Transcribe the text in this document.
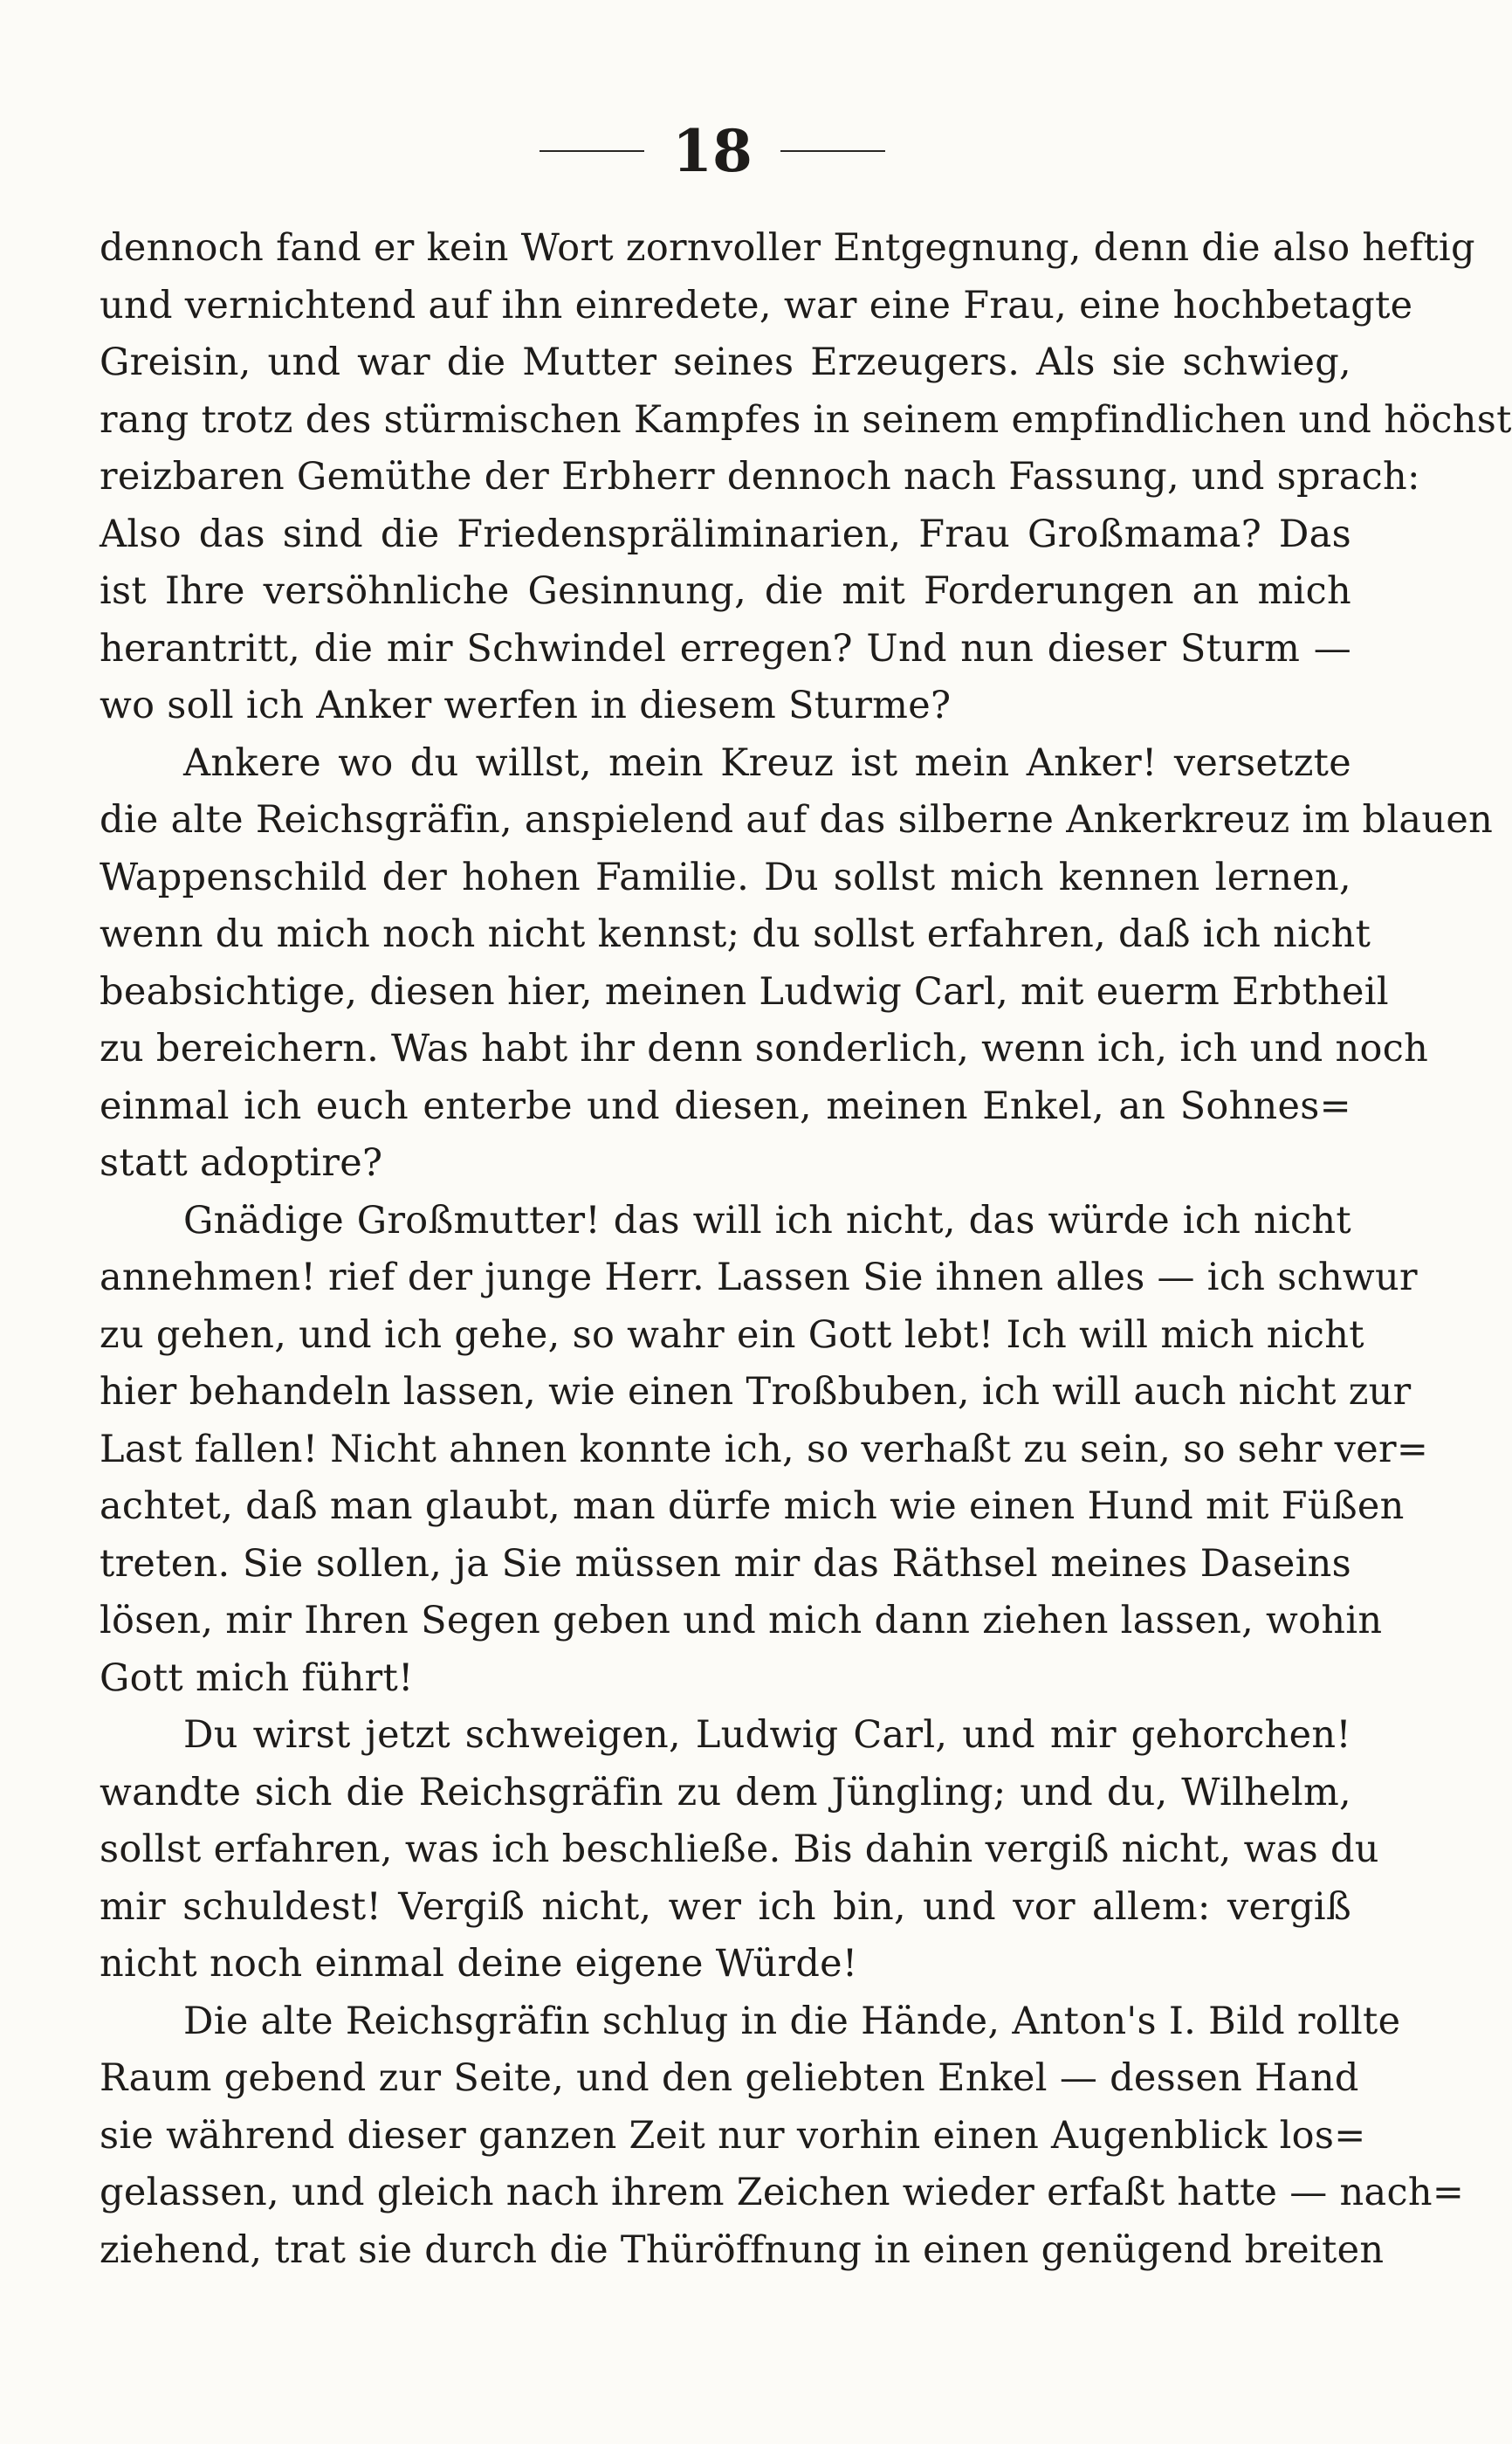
18
dennoch fand er kein Wort zornvoller Entgegnung, denn die also heftig
und vernichtend auf ihn einredete, war eine Frau, eine hochbetagte
Greisin, und war die Mutter seines Erzeugers. Als sie schwieg,
rang trotz des stürmischen Kampfes in seinem empfindlichen und höchst
reizbaren Gemüthe der Erbherr dennoch nach Fassung, und sprach:
Also das sind die Friedenspräliminarien, Frau Großmama? Das
ist Ihre versöhnliche Gesinnung, die mit Forderungen an mich
herantritt, die mir Schwindel erregen? Und nun dieser Sturm —
wo soll ich Anker werfen in diesem Sturme?
Ankere wo du willst, mein Kreuz ist mein Anker! versetzte
die alte Reichsgräfin, anspielend auf das silberne Ankerkreuz im blauen
Wappenschild der hohen Familie. Du sollst mich kennen lernen,
wenn du mich noch nicht kennst; du sollst erfahren, daß ich nicht
beabsichtige, diesen hier, meinen Ludwig Carl, mit euerm Erbtheil
zu bereichern. Was habt ihr denn sonderlich, wenn ich, ich und noch
einmal ich euch enterbe und diesen, meinen Enkel, an Sohnes=
statt adoptire?
Gnädige Großmutter! das will ich nicht, das würde ich nicht
annehmen! rief der junge Herr. Lassen Sie ihnen alles — ich schwur
zu gehen, und ich gehe, so wahr ein Gott lebt! Ich will mich nicht
hier behandeln lassen, wie einen Troßbuben, ich will auch nicht zur
Last fallen! Nicht ahnen konnte ich, so verhaßt zu sein, so sehr ver=
achtet, daß man glaubt, man dürfe mich wie einen Hund mit Füßen
treten. Sie sollen, ja Sie müssen mir das Räthsel meines Daseins
lösen, mir Ihren Segen geben und mich dann ziehen lassen, wohin
Gott mich führt!
Du wirst jetzt schweigen, Ludwig Carl, und mir gehorchen!
wandte sich die Reichsgräfin zu dem Jüngling; und du, Wilhelm,
sollst erfahren, was ich beschließe. Bis dahin vergiß nicht, was du
mir schuldest! Vergiß nicht, wer ich bin, und vor allem: vergiß
nicht noch einmal deine eigene Würde!
Die alte Reichsgräfin schlug in die Hände, Anton's I. Bild rollte
Raum gebend zur Seite, und den geliebten Enkel — dessen Hand
sie während dieser ganzen Zeit nur vorhin einen Augenblick los=
gelassen, und gleich nach ihrem Zeichen wieder erfaßt hatte — nach=
ziehend, trat sie durch die Thüröffnung in einen genügend breiten
